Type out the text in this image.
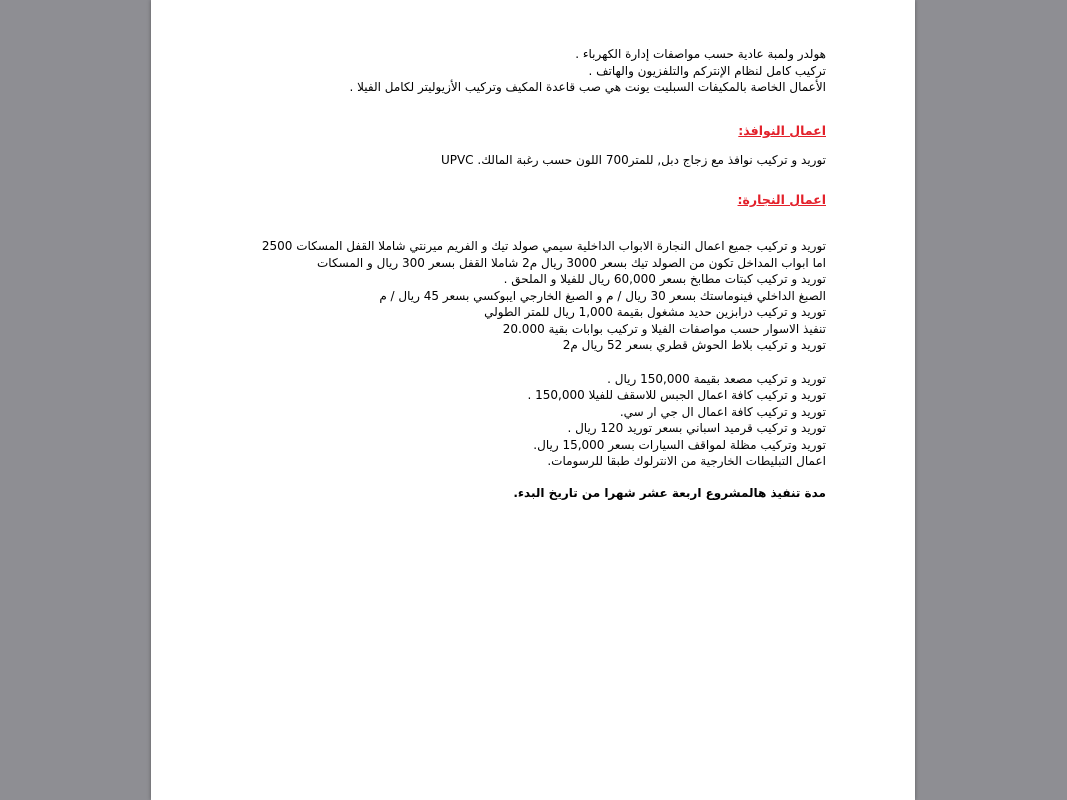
هولدر ولمبة عادية حسب مواصفات إدارة الكهرباء .

تركيب كامل لنظام الإنتركم والتلفزيون والهاتف .

الأعمال الخاصة بالمكيفات السبليت يونت هي صب قاعدة المكيف وتركيب الأزيوليتر لكامل الفيلا .

اعمال النوافذ:

توريد و تركيب نوافذ مع زجاج دبل, للمتر700 اللون حسب رغبة المالك. UPVC

اعمال النجارة:

توريد و تركيب جميع اعمال النجارة الابواب الداخلية سيمي صولد تيك و الفريم ميرنتي شاملا القفل المسكات 2500

اما ابواب المداخل تكون من الصولد تيك بسعر 3000 ريال م2 شاملا القفل بسعر 300 ريال و المسكات

توريد و تركيب كبتات مطابخ بسعر 60,000 ريال للفيلا و الملحق .

الصبغ الداخلي فينوماستك بسعر 30 ريال / م و الصبغ الخارجي ايبوكسي بسعر 45 ريال / م

توريد و تركيب درابزين حديد مشغول بقيمة 1,000 ريال للمتر الطولي

تنفيذ الاسوار حسب مواصفات الفيلا و تركيب بوابات بقية 20.000

توريد و تركيب بلاط الحوش قطري بسعر 52 ريال م2

توريد و تركيب مصعد بقيمة 150,000 ريال .

توريد و تركيب كافة اعمال الجبس للاسقف للفيلا 150,000 .

توريد و تركيب كافة اعمال ال جي ار سي.

توريد و تركيب قرميد اسباني بسعر توريد 120 ريال .

توريد وتركيب مظلة لمواقف السيارات بسعر 15,000 ريال.

اعمال التبليطات الخارجية من الانترلوك طبقا للرسومات.

مدة تنفيذ هالمشروع اربعة عشر شهرا من تاريخ البدء.
